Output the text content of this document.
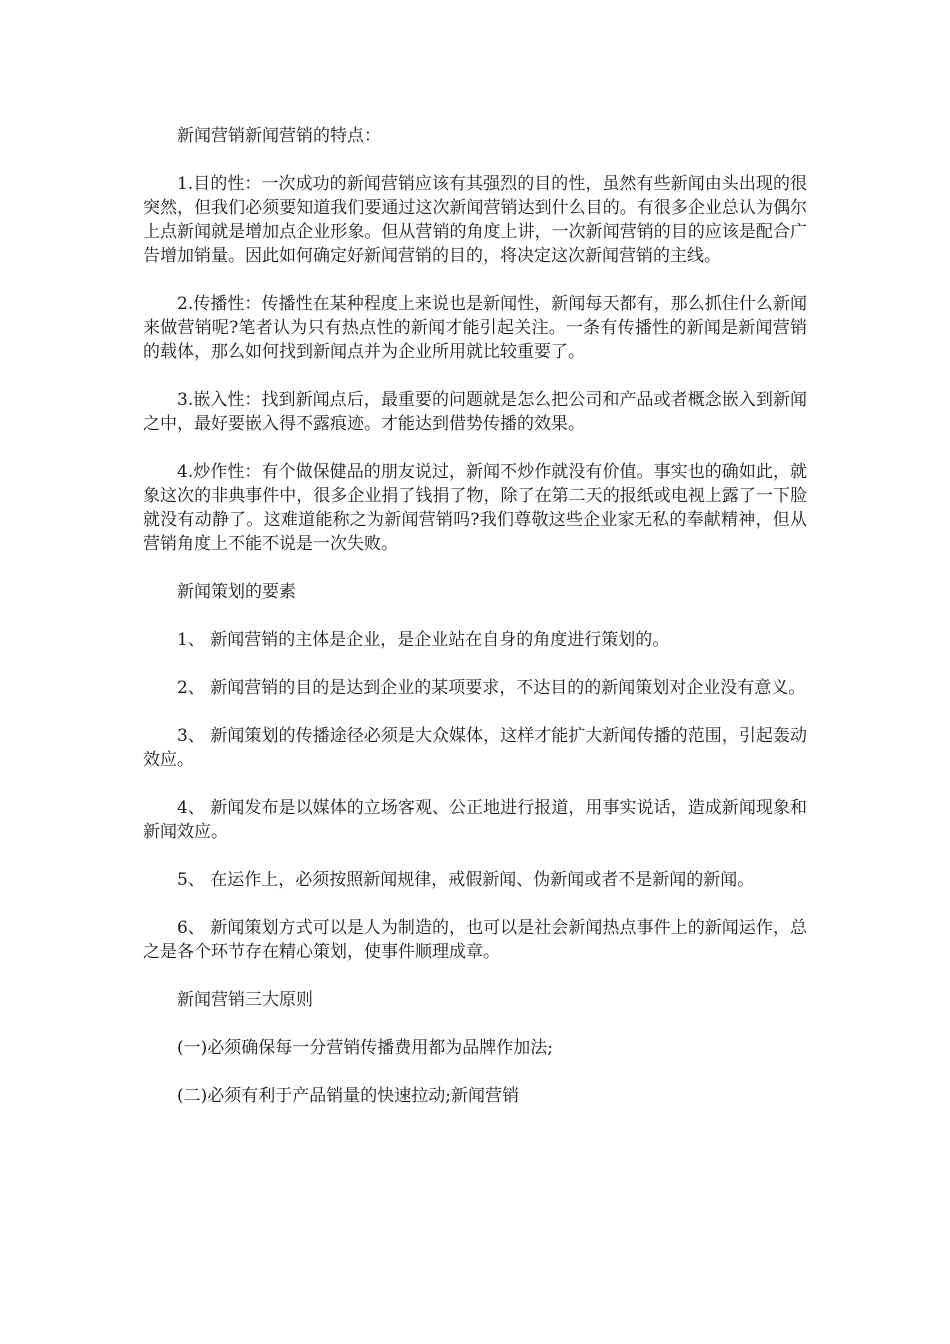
新闻营销新闻营销的特点：

1.目的性：一次成功的新闻营销应该有其强烈的目的性，虽然有些新闻由头出现的很突然，但我们必须要知道我们要通过这次新闻营销达到什么目的。有很多企业总认为偶尔上点新闻就是增加点企业形象。但从营销的角度上讲，一次新闻营销的目的应该是配合广告增加销量。因此如何确定好新闻营销的目的，将决定这次新闻营销的主线。

2.传播性：传播性在某种程度上来说也是新闻性，新闻每天都有，那么抓住什么新闻来做营销呢?笔者认为只有热点性的新闻才能引起关注。一条有传播性的新闻是新闻营销的载体，那么如何找到新闻点并为企业所用就比较重要了。

3.嵌入性：找到新闻点后，最重要的问题就是怎么把公司和产品或者概念嵌入到新闻之中，最好要嵌入得不露痕迹。才能达到借势传播的效果。

4.炒作性：有个做保健品的朋友说过，新闻不炒作就没有价值。事实也的确如此，就象这次的非典事件中，很多企业捐了钱捐了物，除了在第二天的报纸或电视上露了一下脸就没有动静了。这难道能称之为新闻营销吗?我们尊敬这些企业家无私的奉献精神，但从营销角度上不能不说是一次失败。

新闻策划的要素

1、 新闻营销的主体是企业，是企业站在自身的角度进行策划的。

2、 新闻营销的目的是达到企业的某项要求，不达目的的新闻策划对企业没有意义。

3、 新闻策划的传播途径必须是大众媒体，这样才能扩大新闻传播的范围，引起轰动效应。

4、 新闻发布是以媒体的立场客观、公正地进行报道，用事实说话，造成新闻现象和新闻效应。

5、 在运作上，必须按照新闻规律，戒假新闻、伪新闻或者不是新闻的新闻。

6、 新闻策划方式可以是人为制造的，也可以是社会新闻热点事件上的新闻运作，总之是各个环节存在精心策划，使事件顺理成章。

新闻营销三大原则

(一)必须确保每一分营销传播费用都为品牌作加法;

(二)必须有利于产品销量的快速拉动;新闻营销
